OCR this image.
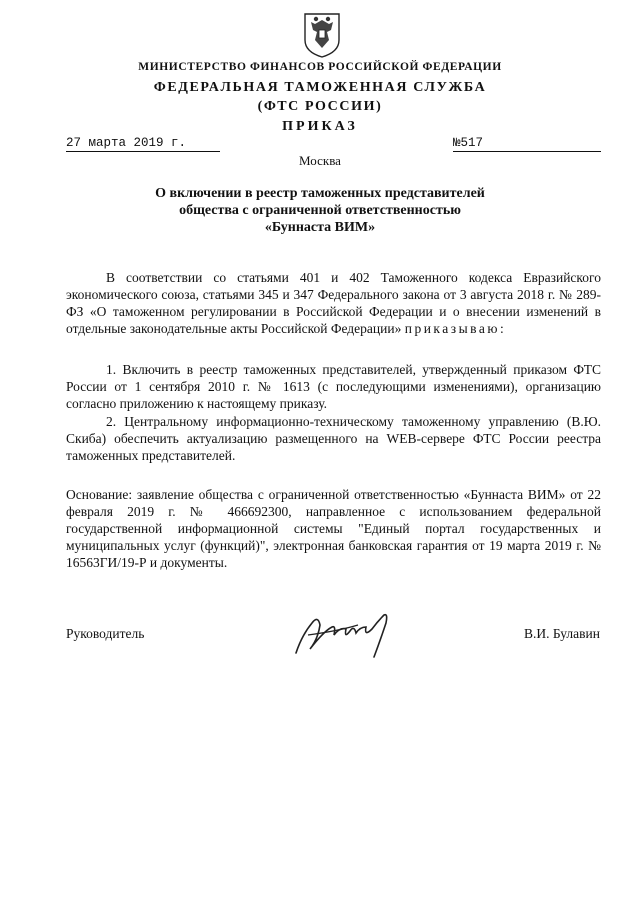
МИНИСТЕРСТВО ФИНАНСОВ РОССИЙСКОЙ ФЕДЕРАЦИИ
ФЕДЕРАЛЬНАЯ ТАМОЖЕННАЯ СЛУЖБА
(ФТС РОССИИ)
ПРИКАЗ
27 марта 2019 г.	№517
Москва
О включении в реестр таможенных представителей
общества с ограниченной ответственностью
«Буннаста ВИМ»

В соответствии со статьями 401 и 402 Таможенного кодекса Евразийского экономического союза, статьями 345 и 347 Федерального закона от 3 августа 2018 г. № 289-ФЗ «О таможенном регулировании в Российской Федерации и о внесении изменений в отдельные законодательные акты Российской Федерации» приказываю:

1. Включить в реестр таможенных представителей, утвержденный приказом ФТС России от 1 сентября 2010 г. № 1613 (с последующими изменениями), организацию согласно приложению к настоящему приказу.

2. Центральному информационно-техническому таможенному управлению (В.Ю. Скиба) обеспечить актуализацию размещенного на WEB-сервере ФТС России реестра таможенных представителей.

Основание: заявление общества с ограниченной ответственностью «Буннаста ВИМ» от 22 февраля 2019 г. № 466692300, направленное с использованием федеральной государственной информационной системы "Единый портал государственных и муниципальных услуг (функций)", электронная банковская гарантия от 19 марта 2019 г. № 16563ГИ/19-Р и документы.
Руководитель	В.И. Булавин
